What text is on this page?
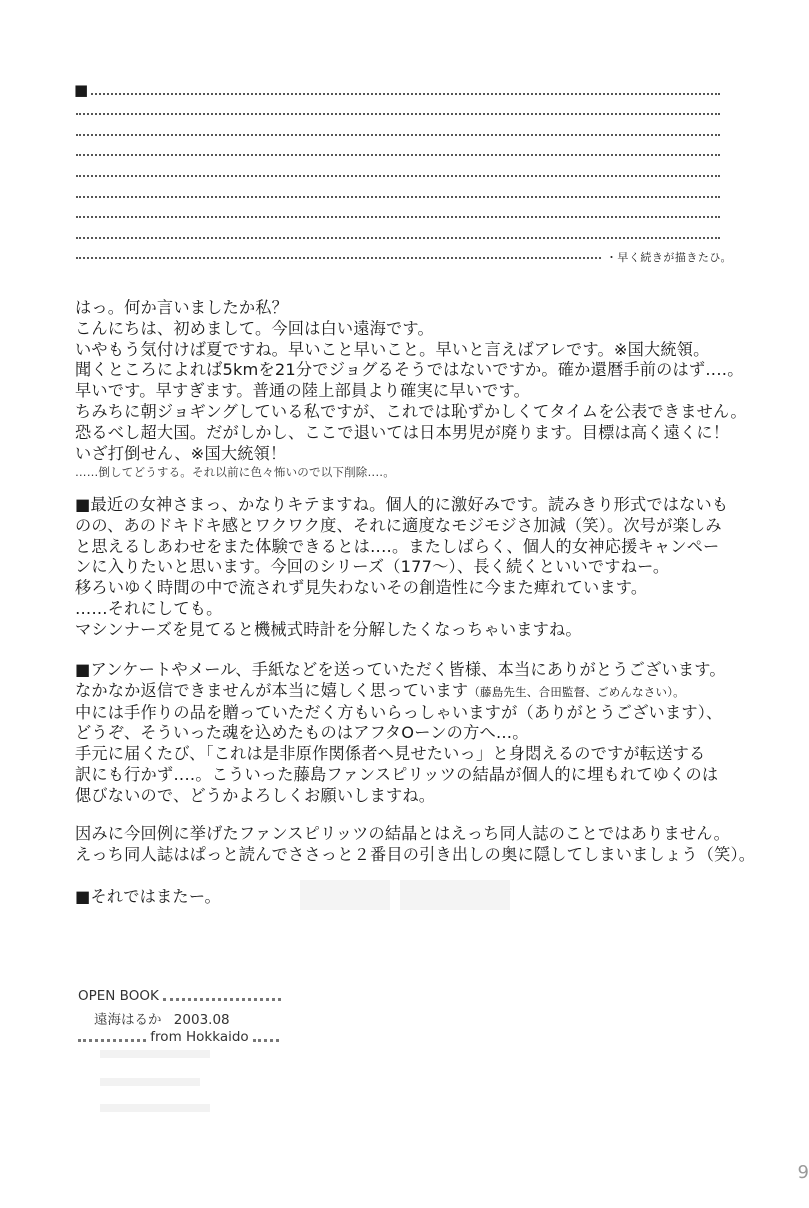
■
・早く続きが描きたひ。
はっ。何か言いましたか私？
こんにちは、初めまして。今回は白い遠海です。
いやもう気付けば夏ですね。早いこと早いこと。早いと言えばアレです。※国大統領。
聞くところによれば5kmを21分でジョグるそうではないですか。確か還暦手前のはず‥‥。
早いです。早すぎます。普通の陸上部員より確実に早いです。
ちみちに朝ジョギングしている私ですが、これでは恥ずかしくてタイムを公表できません。
恐るべし超大国。だがしかし、ここで退いては日本男児が廃ります。目標は高く遠くに！
いざ打倒せん、※国大統領！
……倒してどうする。それ以前に色々怖いので以下削除‥‥。
■最近の女神さまっ、かなりキテますね。個人的に激好みです。読みきり形式ではないも
のの、あのドキドキ感とワクワク度、それに適度なモジモジさ加減（笑）。次号が楽しみ
と思えるしあわせをまた体験できるとは‥‥。またしばらく、個人的女神応援キャンペー
ンに入りたいと思います。今回のシリーズ（177～）、長く続くといいですねー。
移ろいゆく時間の中で流されず見失わないその創造性に今また痺れています。
……それにしても。
マシンナーズを見てると機械式時計を分解したくなっちゃいますね。
■アンケートやメール、手紙などを送っていただく皆様、本当にありがとうございます。
なかなか返信できませんが本当に嬉しく思っています（藤島先生、合田監督、ごめんなさい）。
中には手作りの品を贈っていただく方もいらっしゃいますが（ありがとうございます）、
どうぞ、そういった魂を込めたものはアフタOーンの方へ…。
手元に届くたび、「これは是非原作関係者へ見せたいっ」と身悶えるのですが転送する
訳にも行かず‥‥。こういった藤島ファンスピリッツの結晶が個人的に埋もれてゆくのは
偲びないので、どうかよろしくお願いしますね。
因みに今回例に挙げたファンスピリッツの結晶とはえっち同人誌のことではありません。
えっち同人誌はぱっと読んでささっと２番目の引き出しの奥に隠してしまいましょう（笑）。
■それではまたー。
OPEN BOOK
遠海はるか 2003.08
from Hokkaido
9
